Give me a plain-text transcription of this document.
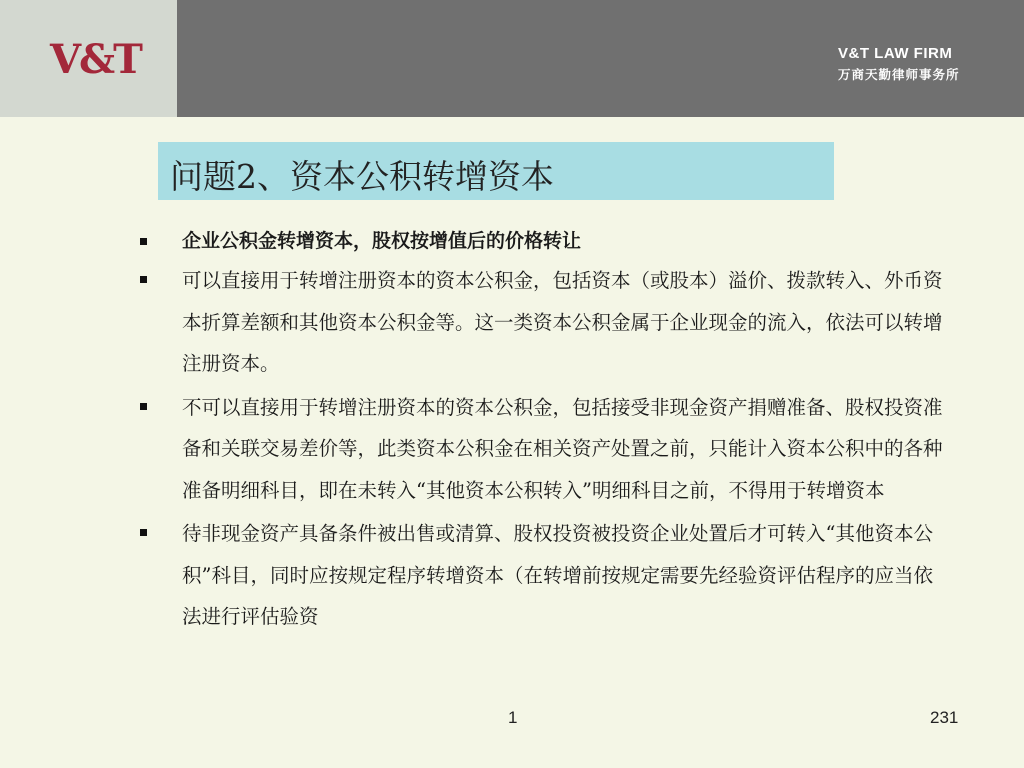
V&T	V&T LAW FIRM
万商天勤律师事务所
问题2、资本公积转增资本
企业公积金转增资本，股权按增值后的价格转让
可以直接用于转增注册资本的资本公积金，包括资本（或股本）溢价、拨款转入、外币资本折算差额和其他资本公积金等。这一类资本公积金属于企业现金的流入，依法可以转增注册资本。
不可以直接用于转增注册资本的资本公积金，包括接受非现金资产捐赠准备、股权投资准备和关联交易差价等，此类资本公积金在相关资产处置之前，只能计入资本公积中的各种准备明细科目，即在未转入“其他资本公积转入”明细科目之前，不得用于转增资本
待非现金资产具备条件被出售或清算、股权投资被投资企业处置后才可转入“其他资本公积”科目，同时应按规定程序转增资本（在转增前按规定需要先经验资评估程序的应当依法进行评估验资
1	231
